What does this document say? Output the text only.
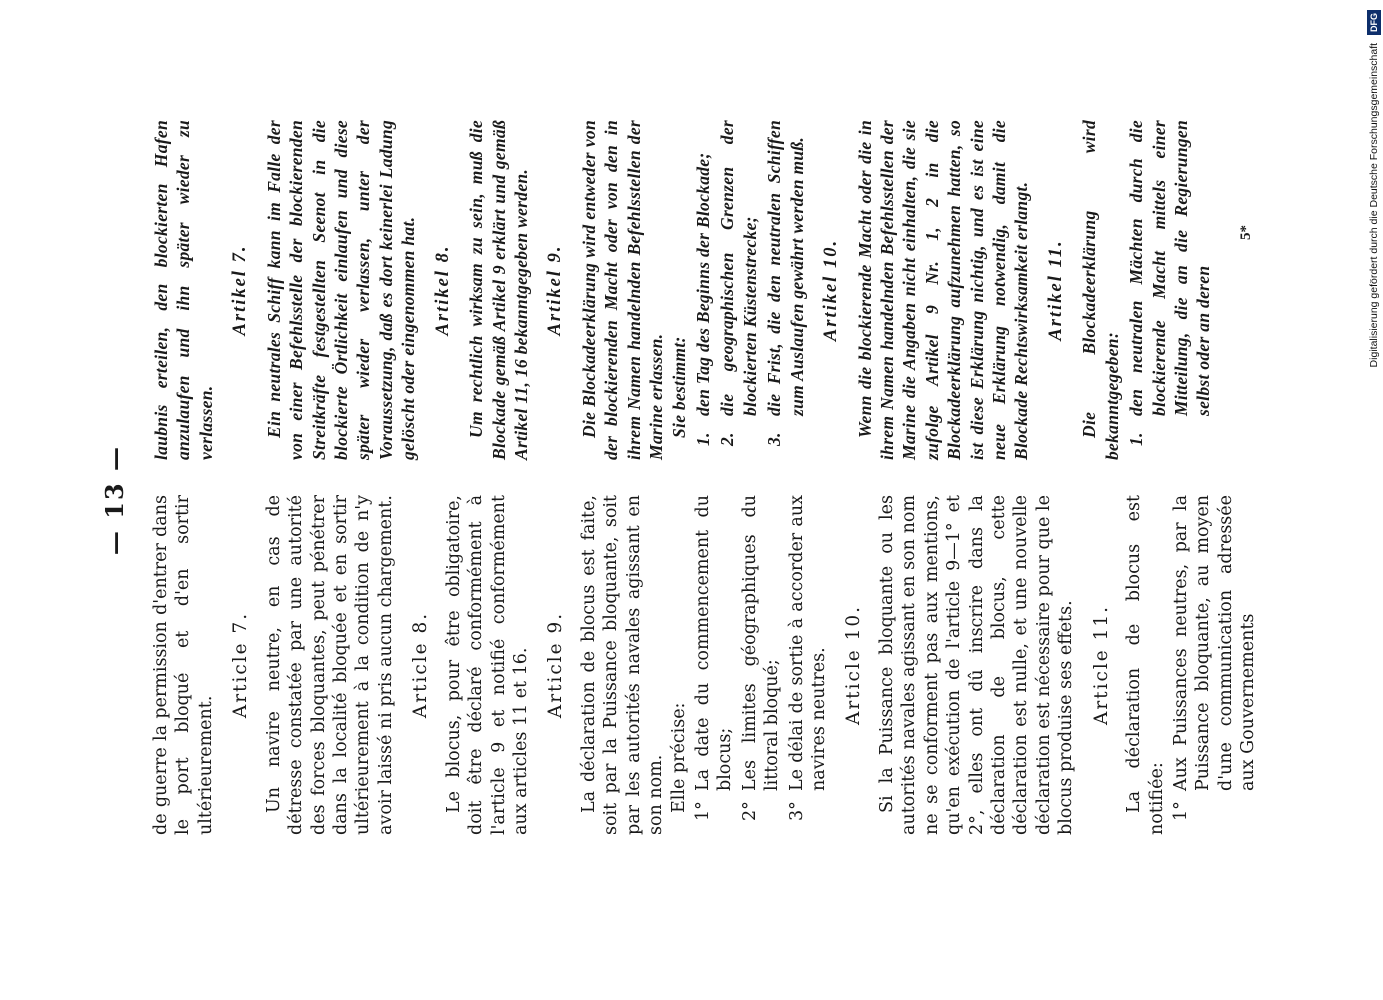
— 13 — de guerre la permission d'entrer dans le port bloqué et d'en sortir ultérieurement.
Article 7. Un navire neutre, en cas de détresse constatée par une autorité des forces bloquantes, peut pénétrer dans la localité bloquée et en sortir ultérieurement à la condition de n'y avoir laissé ni pris aucun chargement. Article 8. Le blocus, pour être obligatoire, doit être déclaré conformément à l'article 9 et notifié conformément aux articles 11 et 16. Article 9. La déclaration de blocus est faite, soit par la Puissance bloquante, soit par les autorités navales agissant en son nom. Elle précise: 1°
La date du commencement du blocus;
2°
Les limites géographiques du littoral bloqué;
3°
Le délai de sortie à accorder aux navires neutres. Article 10. Si la Puissance bloquante ou les autorités navales agissant en son nom ne se conforment pas aux mentions, qu'en exécution de l'article 9—1° et 2°, elles ont dû inscrire dans la déclaration de blocus, cette déclaration est nulle, et une nouvelle déclaration est nécessaire pour que le blocus produise ses effets. Article 11. La déclaration de blocus est notifiée: 1°
Aux Puissances neutres, par la Puissance bloquante, au moyen d'une communication adressée aux Gouvernements
laubnis erteilen, den blockierten Hafen anzulaufen und ihn später wieder zu verlassen.
Artikel 7. Ein neutrales Schiff kann im Falle der von einer Befehlsstelle der blockierenden Streitkräfte festgestellten Seenot in die blockierte Örtlichkeit einlaufen und diese später wieder verlassen, unter der Voraussetzung, daß es dort keinerlei Ladung gelöscht oder eingenommen hat. Artikel 8. Um rechtlich wirksam zu sein, muß die Blockade gemäß Artikel 9 erklärt und gemäß Artikel 11, 16 bekanntgegeben werden. Artikel 9. Die Blockadeerklärung wird entweder von der blockierenden Macht oder von den in ihrem Namen handelnden Befehlsstellen der Marine erlassen. Sie bestimmt:
1.
den Tag des Beginns der Blockade;
2.
die geographischen Grenzen der blockierten Küstenstrecke;
3.
die Frist, die den neutralen Schiffen zum Auslaufen gewährt werden muß. Artikel 10. Wenn die blockierende Macht oder die in ihrem Namen handelnden Befehlsstellen der Marine die Angaben nicht einhalten, die sie zufolge Artikel 9 Nr. 1, 2 in die Blockadeerklärung aufzunehmen hatten, so ist diese Erklärung nichtig, und es ist eine neue Erklärung notwendig, damit die Blockade Rechtswirksamkeit erlangt. Artikel 11. Die Blockadeerklärung wird bekanntgegeben: 1.
den neutralen Mächten durch die blockierende Macht mittels einer Mitteilung, die an die Regierungen selbst oder an deren
5*	Digitalisierung gefördert durch die Deutsche Forschungsgemeinschaft DFG
